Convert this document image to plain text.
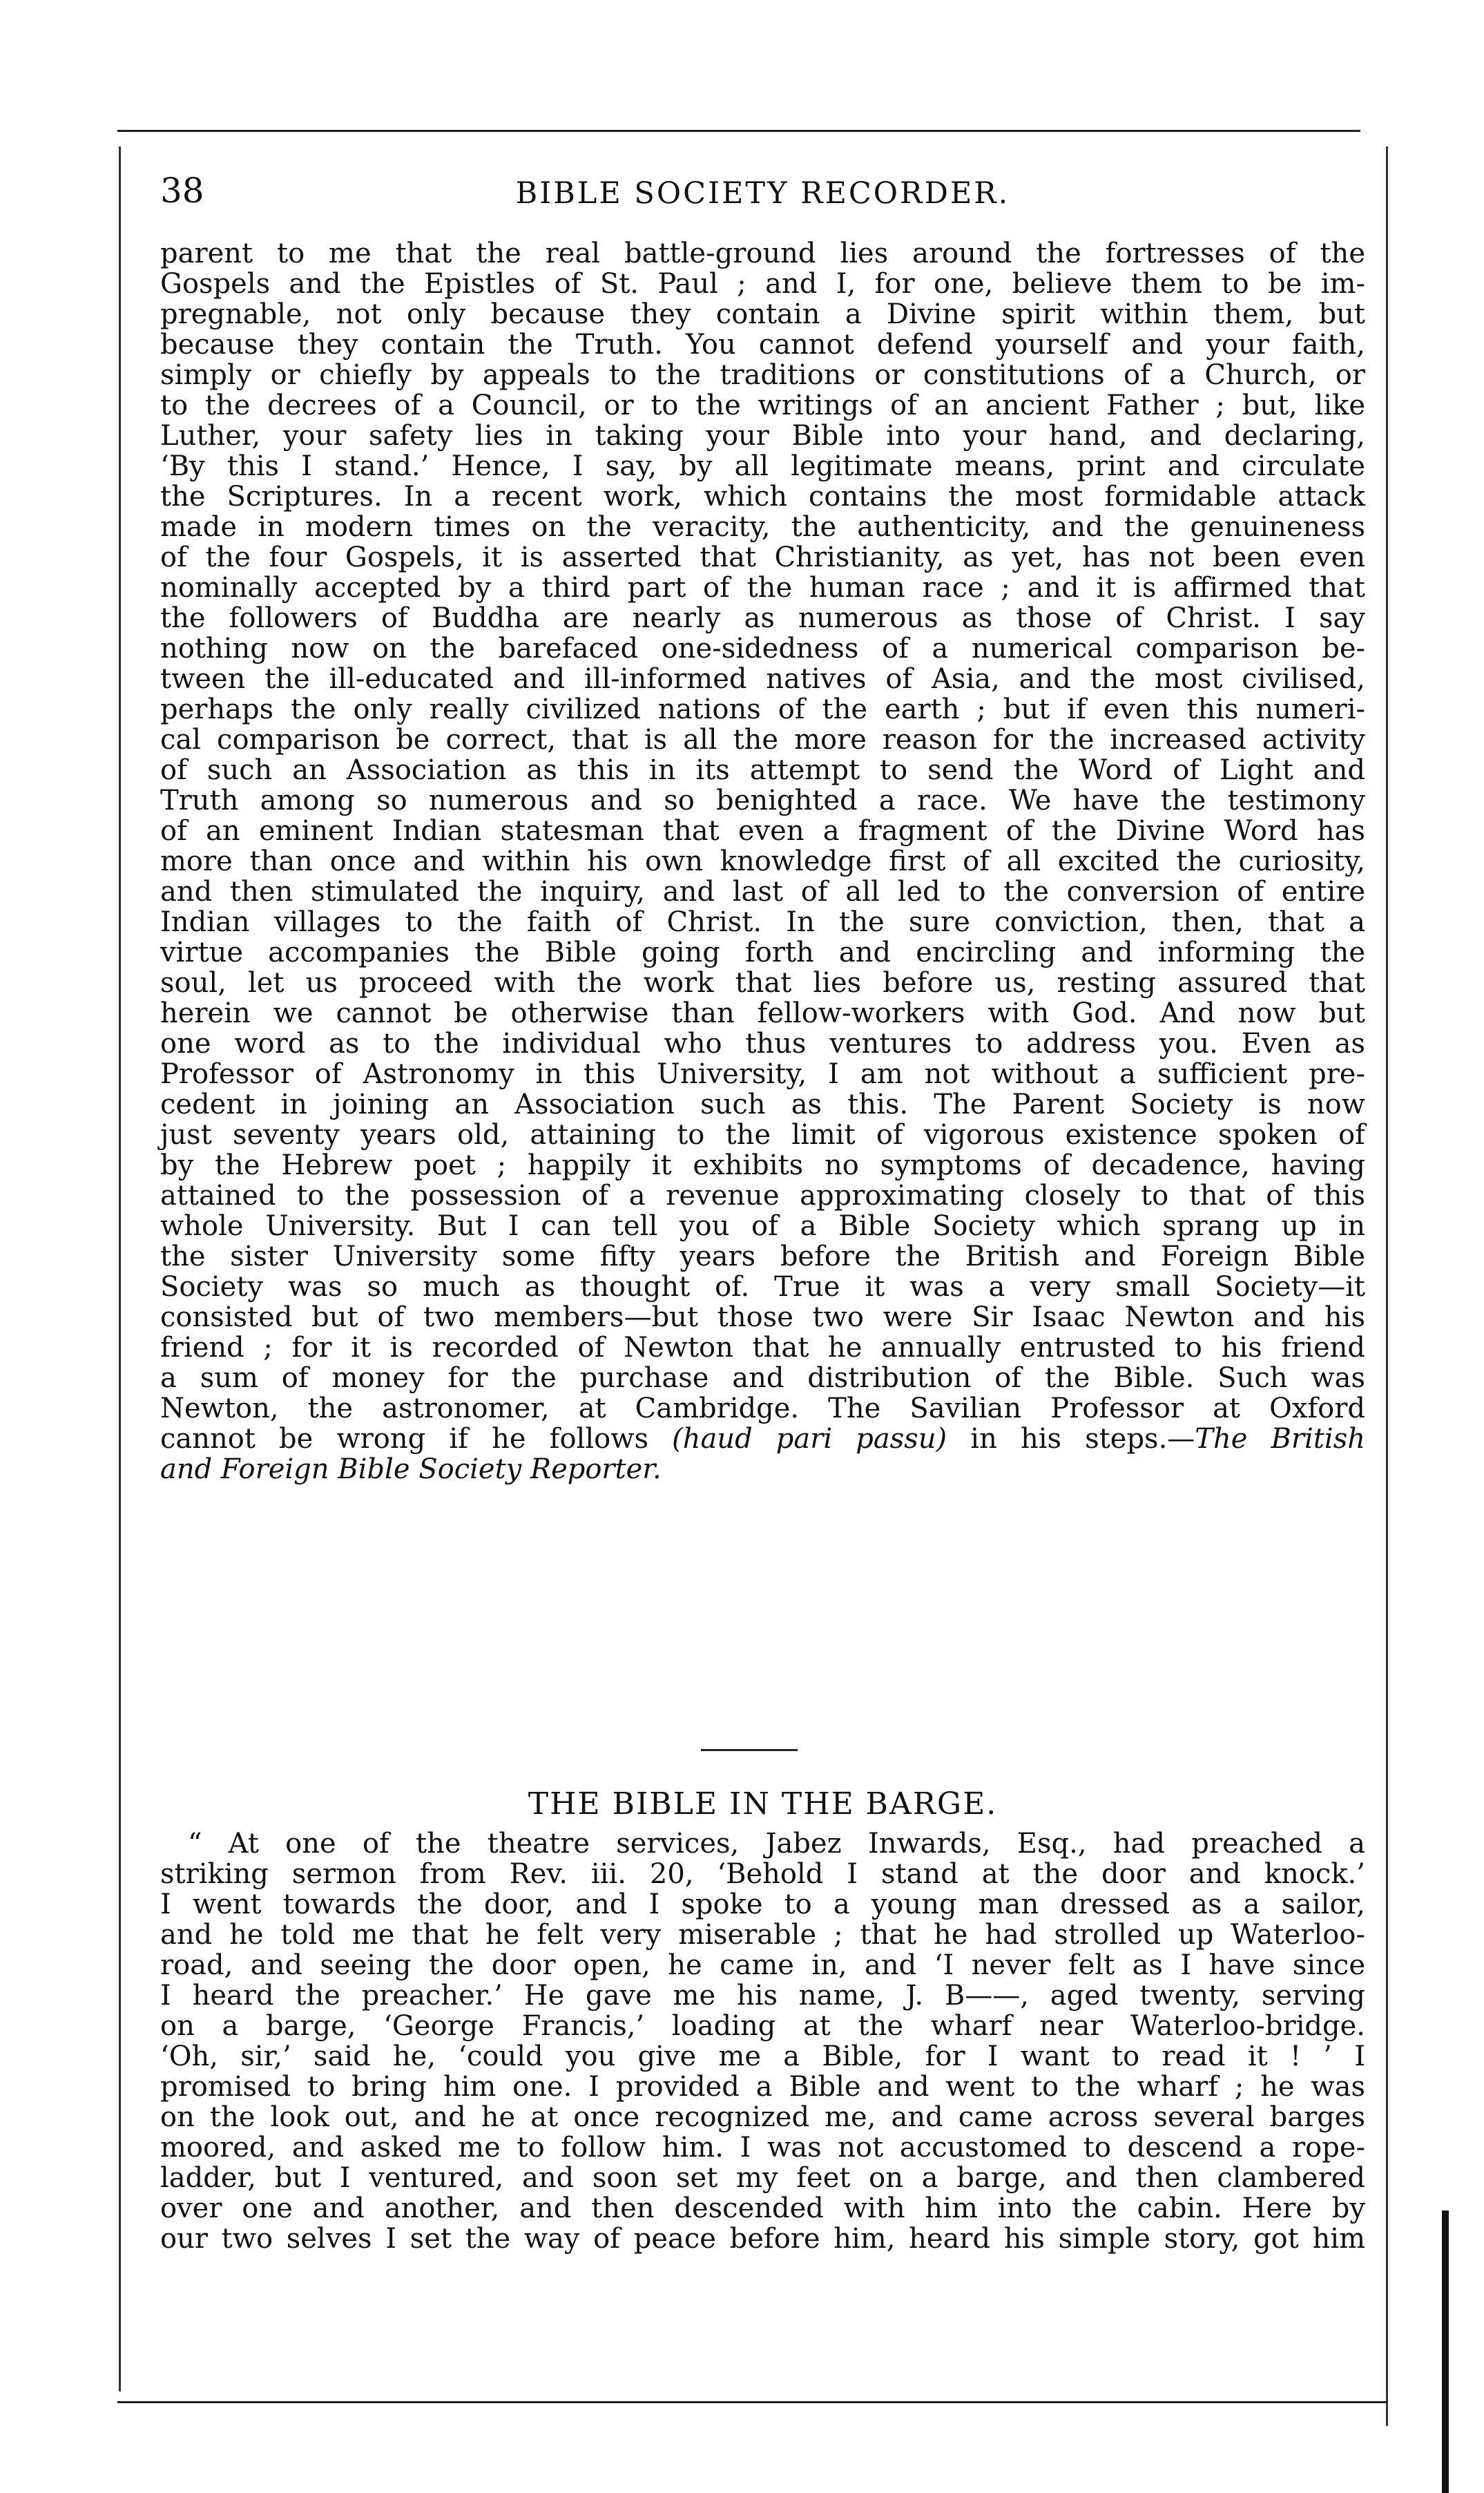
38	BIBLE SOCIETY RECORDER.
parent to me that the real battle-ground lies around the fortresses of the
Gospels and the Epistles of St. Paul ; and I, for one, believe them to be im-
pregnable, not only because they contain a Divine spirit within them, but
because they contain the Truth. You cannot defend yourself and your faith,
simply or chiefly by appeals to the traditions or constitutions of a Church, or
to the decrees of a Council, or to the writings of an ancient Father ; but, like
Luther, your safety lies in taking your Bible into your hand, and declaring,
‘By this I stand.’ Hence, I say, by all legitimate means, print and circulate
the Scriptures. In a recent work, which contains the most formidable attack
made in modern times on the veracity, the authenticity, and the genuineness
of the four Gospels, it is asserted that Christianity, as yet, has not been even
nominally accepted by a third part of the human race ; and it is affirmed that
the followers of Buddha are nearly as numerous as those of Christ. I say
nothing now on the barefaced one-sidedness of a numerical comparison be-
tween the ill-educated and ill-informed natives of Asia, and the most civilised,
perhaps the only really civilized nations of the earth ; but if even this numeri-
cal comparison be correct, that is all the more reason for the increased activity
of such an Association as this in its attempt to send the Word of Light and
Truth among so numerous and so benighted a race. We have the testimony
of an eminent Indian statesman that even a fragment of the Divine Word has
more than once and within his own knowledge first of all excited the curiosity,
and then stimulated the inquiry, and last of all led to the conversion of entire
Indian villages to the faith of Christ. In the sure conviction, then, that a
virtue accompanies the Bible going forth and encircling and informing the
soul, let us proceed with the work that lies before us, resting assured that
herein we cannot be otherwise than fellow-workers with God. And now but
one word as to the individual who thus ventures to address you. Even as
Professor of Astronomy in this University, I am not without a sufficient pre-
cedent in joining an Association such as this. The Parent Society is now
just seventy years old, attaining to the limit of vigorous existence spoken of
by the Hebrew poet ; happily it exhibits no symptoms of decadence, having
attained to the possession of a revenue approximating closely to that of this
whole University. But I can tell you of a Bible Society which sprang up in
the sister University some fifty years before the British and Foreign Bible
Society was so much as thought of. True it was a very small Society—it
consisted but of two members—but those two were Sir Isaac Newton and his
friend ; for it is recorded of Newton that he annually entrusted to his friend
a sum of money for the purchase and distribution of the Bible. Such was
Newton, the astronomer, at Cambridge. The Savilian Professor at Oxford
cannot be wrong if he follows (haud pari passu) in his steps.—The British
and Foreign Bible Society Reporter.
THE BIBLE IN THE BARGE.
“ At one of the theatre services, Jabez Inwards, Esq., had preached a
striking sermon from Rev. iii. 20, ‘Behold I stand at the door and knock.’
I went towards the door, and I spoke to a young man dressed as a sailor,
and he told me that he felt very miserable ; that he had strolled up Waterloo-
road, and seeing the door open, he came in, and ‘I never felt as I have since
I heard the preacher.’ He gave me his name, J. B——, aged twenty, serving
on a barge, ‘George Francis,’ loading at the wharf near Waterloo-bridge.
‘Oh, sir,’ said he, ‘could you give me a Bible, for I want to read it ! ’ I
promised to bring him one. I provided a Bible and went to the wharf ; he was
on the look out, and he at once recognized me, and came across several barges
moored, and asked me to follow him. I was not accustomed to descend a rope-
ladder, but I ventured, and soon set my feet on a barge, and then clambered
over one and another, and then descended with him into the cabin. Here by
our two selves I set the way of peace before him, heard his simple story, got him
